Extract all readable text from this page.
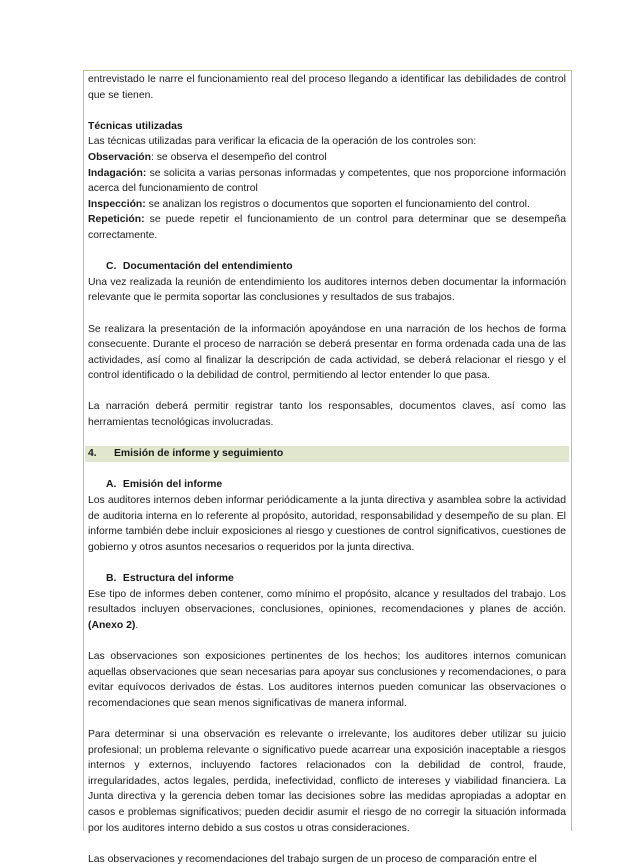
entrevistado le narre el funcionamiento real del proceso llegando a identificar las debilidades de control que se tienen.

Técnicas utilizadas

Las técnicas utilizadas para verificar la eficacia de la operación de los controles son:

Observación: se observa el desempeño del control

Indagación: se solicita a varias personas informadas y competentes, que nos proporcione información acerca del funcionamiento de control

Inspección: se analizan los registros o documentos que soporten el funcionamiento del control.

Repetición: se puede repetir el funcionamiento de un control para determinar que se desempeña correctamente.

C. Documentación del entendimiento

Una vez realizada la reunión de entendimiento los auditores internos deben documentar la información relevante que le permita soportar las conclusiones y resultados de sus trabajos.

Se realizara la presentación de la información apoyándose en una narración de los hechos de forma consecuente. Durante el proceso de narración se deberá presentar en forma ordenada cada una de las actividades, así como al finalizar la descripción de cada actividad, se deberá relacionar el riesgo y el control identificado o la debilidad de control, permitiendo al lector entender lo que pasa.

La narración deberá permitir registrar tanto los responsables, documentos claves, así como las herramientas tecnológicas involucradas.

4. Emisión de informe y seguimiento

A. Emisión del informe

Los auditores internos deben informar periódicamente a la junta directiva y asamblea sobre la actividad de auditoria interna en lo referente al propósito, autoridad, responsabilidad y desempeño de su plan. El informe también debe incluir exposiciones al riesgo y cuestiones de control significativos, cuestiones de gobierno y otros asuntos necesarios o requeridos por la junta directiva.

B. Estructura del informe

Ese tipo de informes deben contener, como mínimo el propósito, alcance y resultados del trabajo. Los resultados incluyen observaciones, conclusiones, opiniones, recomendaciones y planes de acción. (Anexo 2).

Las observaciones son exposiciones pertinentes de los hechos; los auditores internos comunican aquellas observaciones que sean necesarias para apoyar sus conclusiones y recomendaciones, o para evitar equívocos derivados de éstas. Los auditores internos pueden comunicar las observaciones o recomendaciones que sean menos significativas de manera informal.

Para determinar si una observación es relevante o irrelevante, los auditores deber utilizar su juicio profesional; un problema relevante o significativo puede acarrear una exposición inaceptable a riesgos internos y externos, incluyendo factores relacionados con la debilidad de control, fraude, irregularidades, actos legales, perdida, inefectividad, conflicto de intereses y viabilidad financiera. La Junta directiva y la gerencia deben tomar las decisiones sobre las medidas apropiadas a adoptar en casos e problemas significativos; pueden decidir asumir el riesgo de no corregir la situación informada por los auditores interno debido a sus costos u otras consideraciones.

Las observaciones y recomendaciones del trabajo surgen de un proceso de comparación entre el
